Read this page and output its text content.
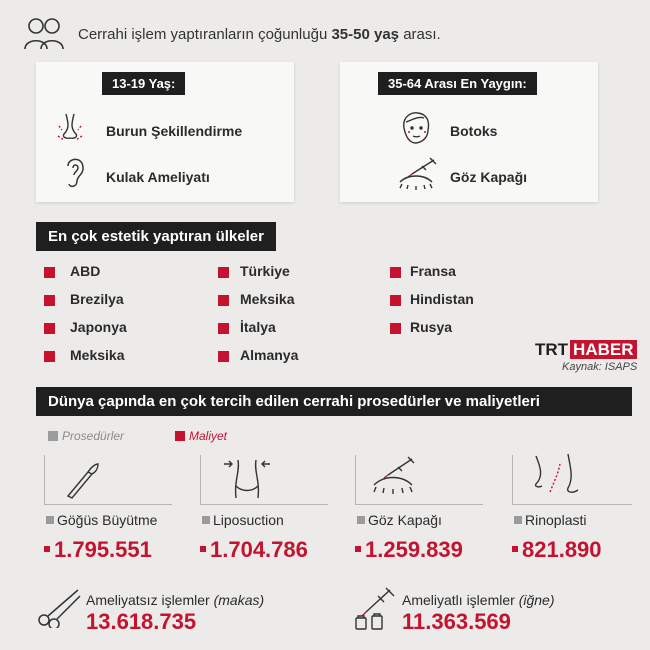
Cerrahi işlem yaptıranların çoğunluğu 35-50 yaş arası.
13-19 Yaş:
Burun Şekillendirme
Kulak Ameliyatı
35-64 Arası En Yaygın:
Botoks
Göz Kapağı
En çok estetik yaptıran ülkeler
ABD
Brezilya
Japonya
Meksika
Türkiye
Meksika
İtalya
Almanya
Fransa
Hindistan
Rusya
TRT HABER
Kaynak: ISAPS
Dünya çapında en çok tercih edilen cerrahi prosedürler ve maliyetleri
Prosedürler	Maliyet
Göğüs Büyütme
1.795.551
Liposuction
1.704.786
Göz Kapağı
1.259.839
Rinoplasti
821.890
Ameliyatsız işlemler (makas)
13.618.735
Ameliyatlı işlemler (iğne)
11.363.569
